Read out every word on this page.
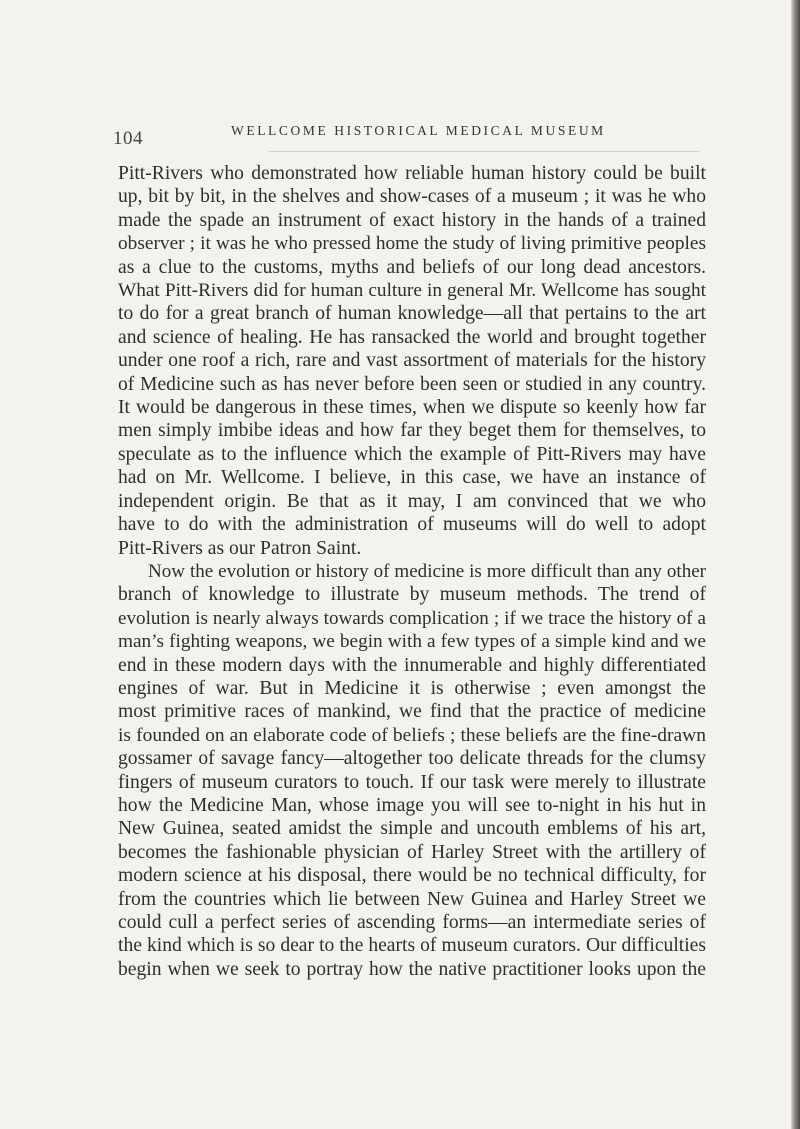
104	WELLCOME HISTORICAL MEDICAL MUSEUM

Pitt-Rivers who demonstrated how reliable human history could be built
up, bit by bit, in the shelves and show-cases of a museum ; it was he who
made the spade an instrument of exact history in the hands of a trained
observer ; it was he who pressed home the study of living primitive peoples
as a clue to the customs, myths and beliefs of our long dead ancestors.
What Pitt-Rivers did for human culture in general Mr. Wellcome has sought
to do for a great branch of human knowledge—all that pertains to the art
and science of healing. He has ransacked the world and brought together
under one roof a rich, rare and vast assortment of materials for the history
of Medicine such as has never before been seen or studied in any country.
It would be dangerous in these times, when we dispute so keenly how far
men simply imbibe ideas and how far they beget them for themselves, to
speculate as to the influence which the example of Pitt-Rivers may have
had on Mr. Wellcome. I believe, in this case, we have an instance of
independent origin. Be that as it may, I am convinced that we who
have to do with the administration of museums will do well to adopt
Pitt-Rivers as our Patron Saint.

Now the evolution or history of medicine is more difficult than any other
branch of knowledge to illustrate by museum methods. The trend of
evolution is nearly always towards complication ; if we trace the history of a
man’s fighting weapons, we begin with a few types of a simple kind and we
end in these modern days with the innumerable and highly differentiated
engines of war. But in Medicine it is otherwise ; even amongst the
most primitive races of mankind, we find that the practice of medicine
is founded on an elaborate code of beliefs ; these beliefs are the fine-drawn
gossamer of savage fancy—altogether too delicate threads for the clumsy
fingers of museum curators to touch. If our task were merely to illustrate
how the Medicine Man, whose image you will see to-night in his hut in
New Guinea, seated amidst the simple and uncouth emblems of his art,
becomes the fashionable physician of Harley Street with the artillery of
modern science at his disposal, there would be no technical difficulty, for
from the countries which lie between New Guinea and Harley Street we
could cull a perfect series of ascending forms—an intermediate series of
the kind which is so dear to the hearts of museum curators. Our difficulties
begin when we seek to portray how the native practitioner looks upon the
